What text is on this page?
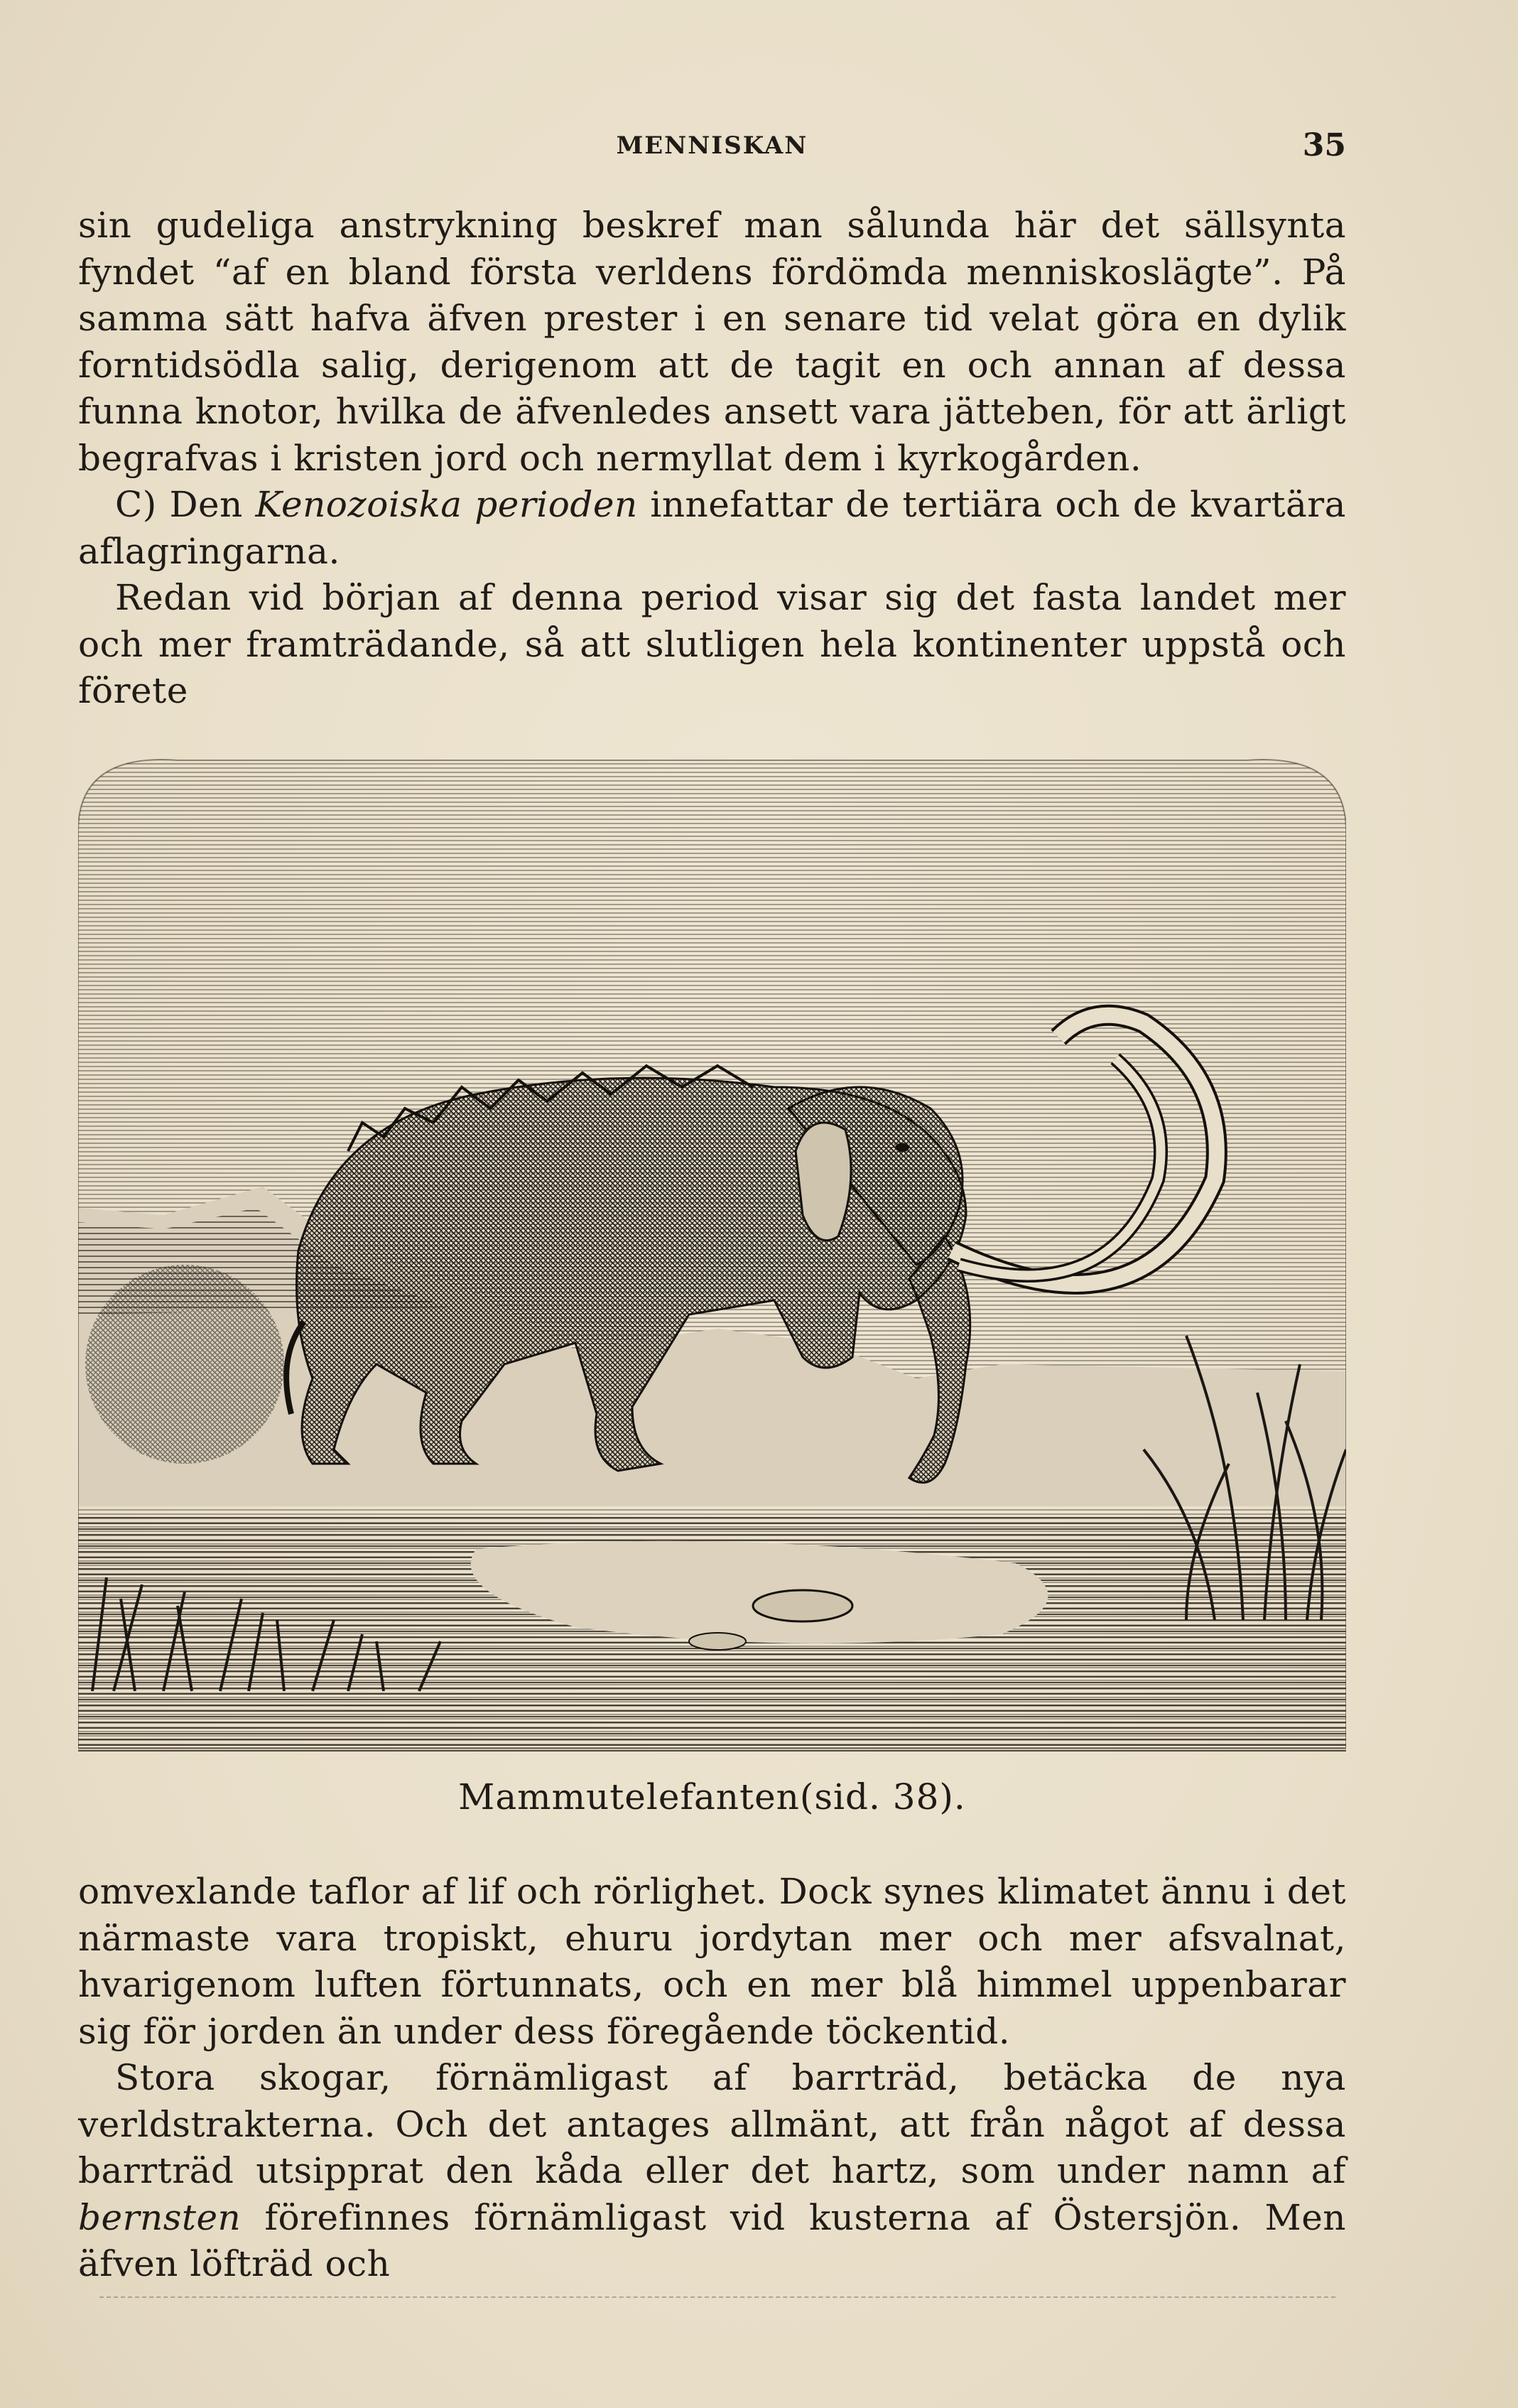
MENNISKAN	35

sin gudeliga anstrykning beskref man sålunda här det sällsynta fyndet “af en bland första verldens fördömda menniskoslägte”. På samma sätt hafva äfven prester i en senare tid velat göra en dylik forntidsödla salig, derigenom att de tagit en och annan af dessa funna knotor, hvilka de äfvenledes ansett vara jätteben, för att ärligt begrafvas i kristen jord och nermyllat dem i kyrkogården.

C) Den Kenozoiska perioden innefattar de tertiära och de kvartära aflagringarna.

Redan vid början af denna period visar sig det fasta landet mer och mer framträdande, så att slutligen hela kontinenter uppstå och förete

Mammutelefanten(sid. 38).

omvexlande taflor af lif och rörlighet. Dock synes klimatet ännu i det närmaste vara tropiskt, ehuru jordytan mer och mer afsvalnat, hvarigenom luften förtunnats, och en mer blå himmel uppenbarar sig för jorden än under dess föregående töckentid.

Stora skogar, förnämligast af barrträd, betäcka de nya verldstrakterna. Och det antages allmänt, att från något af dessa barrträd utsipprat den kåda eller det hartz, som under namn af bernsten förefinnes förnämligast vid kusterna af Östersjön. Men äfven löfträd och
